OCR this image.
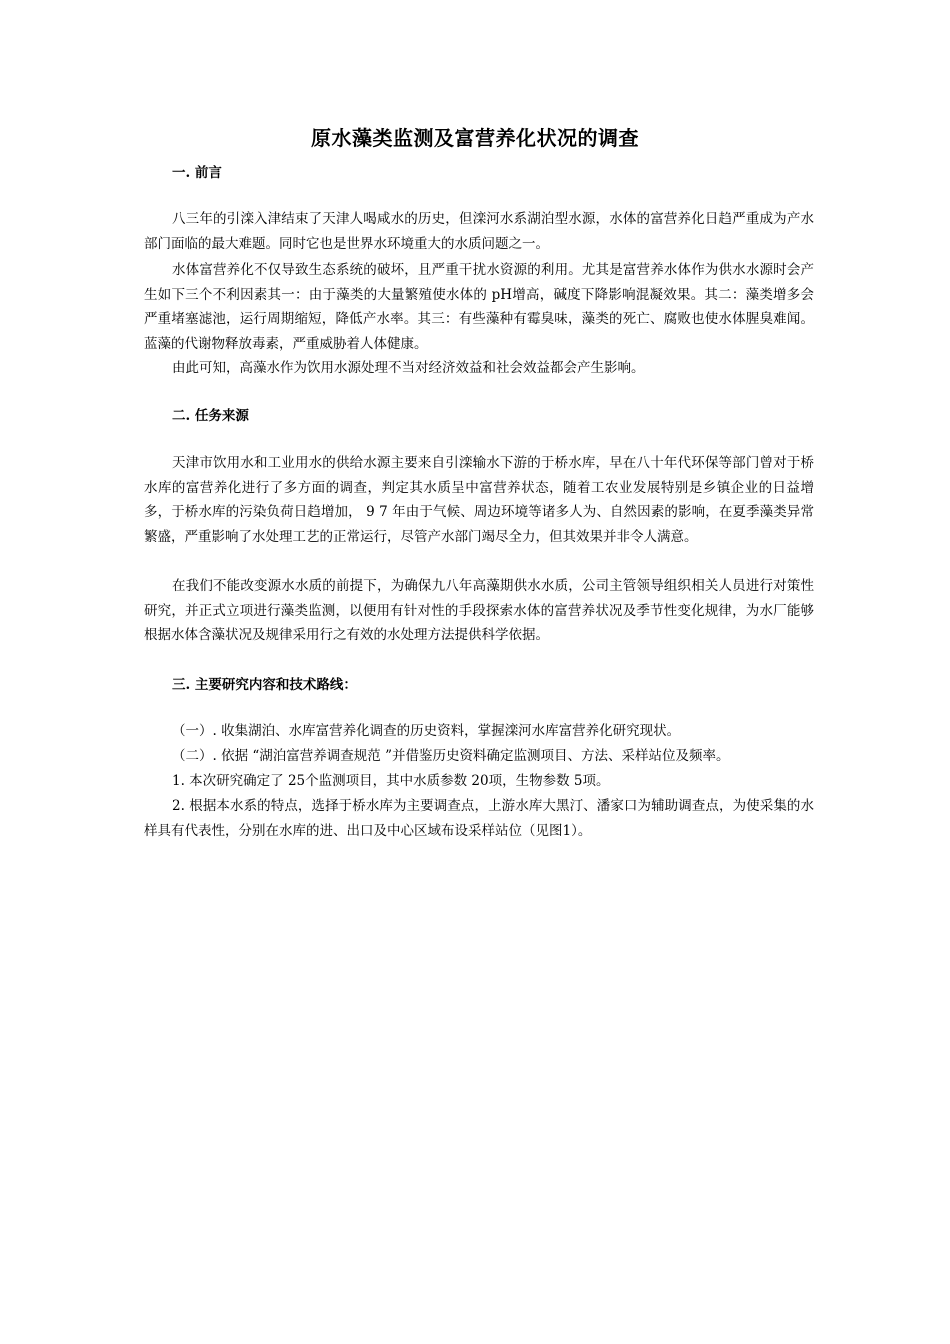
原水藻类监测及富营养化状况的调查
一. 前言

八三年的引滦入津结束了天津人喝咸水的历史，但滦河水系湖泊型水源，水体的富营养化日趋严重成为产水部门面临的最大难题。同时它也是世界水环境重大的水质问题之一。

水体富营养化不仅导致生态系统的破坏，且严重干扰水资源的利用。尤其是富营养水体作为供水水源时会产生如下三个不利因素其一：由于藻类的大量繁殖使水体的 pH增高，碱度下降影响混凝效果。其二：藻类增多会严重堵塞滤池，运行周期缩短，降低产水率。其三：有些藻种有霉臭味，藻类的死亡、腐败也使水体腥臭难闻。蓝藻的代谢物释放毒素，严重威胁着人体健康。

由此可知，高藻水作为饮用水源处理不当对经济效益和社会效益都会产生影响。

二. 任务来源

天津市饮用水和工业用水的供给水源主要来自引滦输水下游的于桥水库，早在八十年代环保等部门曾对于桥水库的富营养化进行了多方面的调查，判定其水质呈中富营养状态，随着工农业发展特别是乡镇企业的日益增多，于桥水库的污染负荷日趋增加， 9 7 年由于气候、周边环境等诸多人为、自然因素的影响，在夏季藻类异常繁盛，严重影响了水处理工艺的正常运行，尽管产水部门竭尽全力，但其效果并非令人满意。

在我们不能改变源水水质的前提下，为确保九八年高藻期供水水质，公司主管领导组织相关人员进行对策性研究，并正式立项进行藻类监测，以便用有针对性的手段探索水体的富营养状况及季节性变化规律，为水厂能够根据水体含藻状况及规律采用行之有效的水处理方法提供科学依据。

三. 主要研究内容和技术路线：

（一）. 收集湖泊、水库富营养化调查的历史资料，掌握滦河水库富营养化研究现状。

（二）. 依据 “湖泊富营养调查规范 ”并借鉴历史资料确定监测项目、方法、采样站位及频率。

1. 本次研究确定了 25个监测项目，其中水质参数 20项，生物参数 5项。

2. 根据本水系的特点，选择于桥水库为主要调查点，上游水库大黑汀、潘家口为辅助调查点，为使采集的水样具有代表性，分别在水库的进、出口及中心区域布设采样站位（见图1）。
